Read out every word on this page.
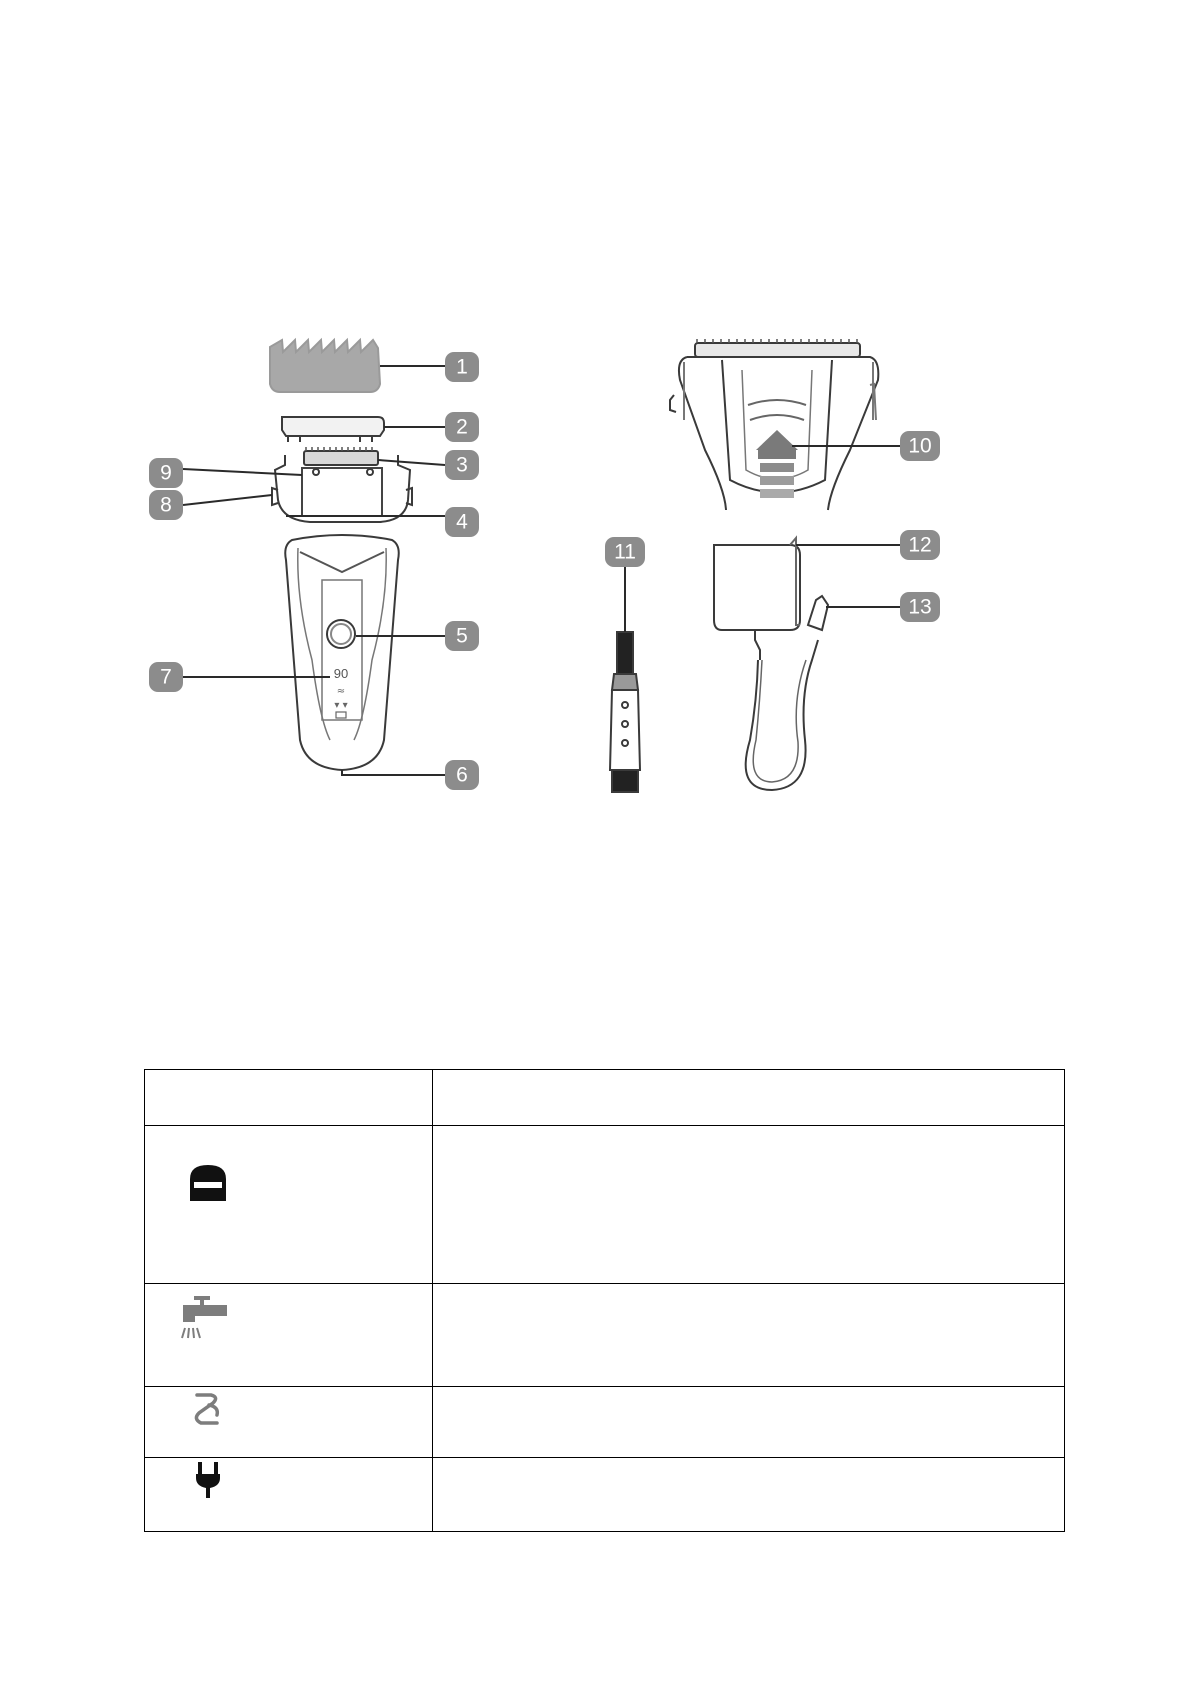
90
≈
▾ ▾
1
2
3
4
5
6
7
8
9
10
11	12
13
